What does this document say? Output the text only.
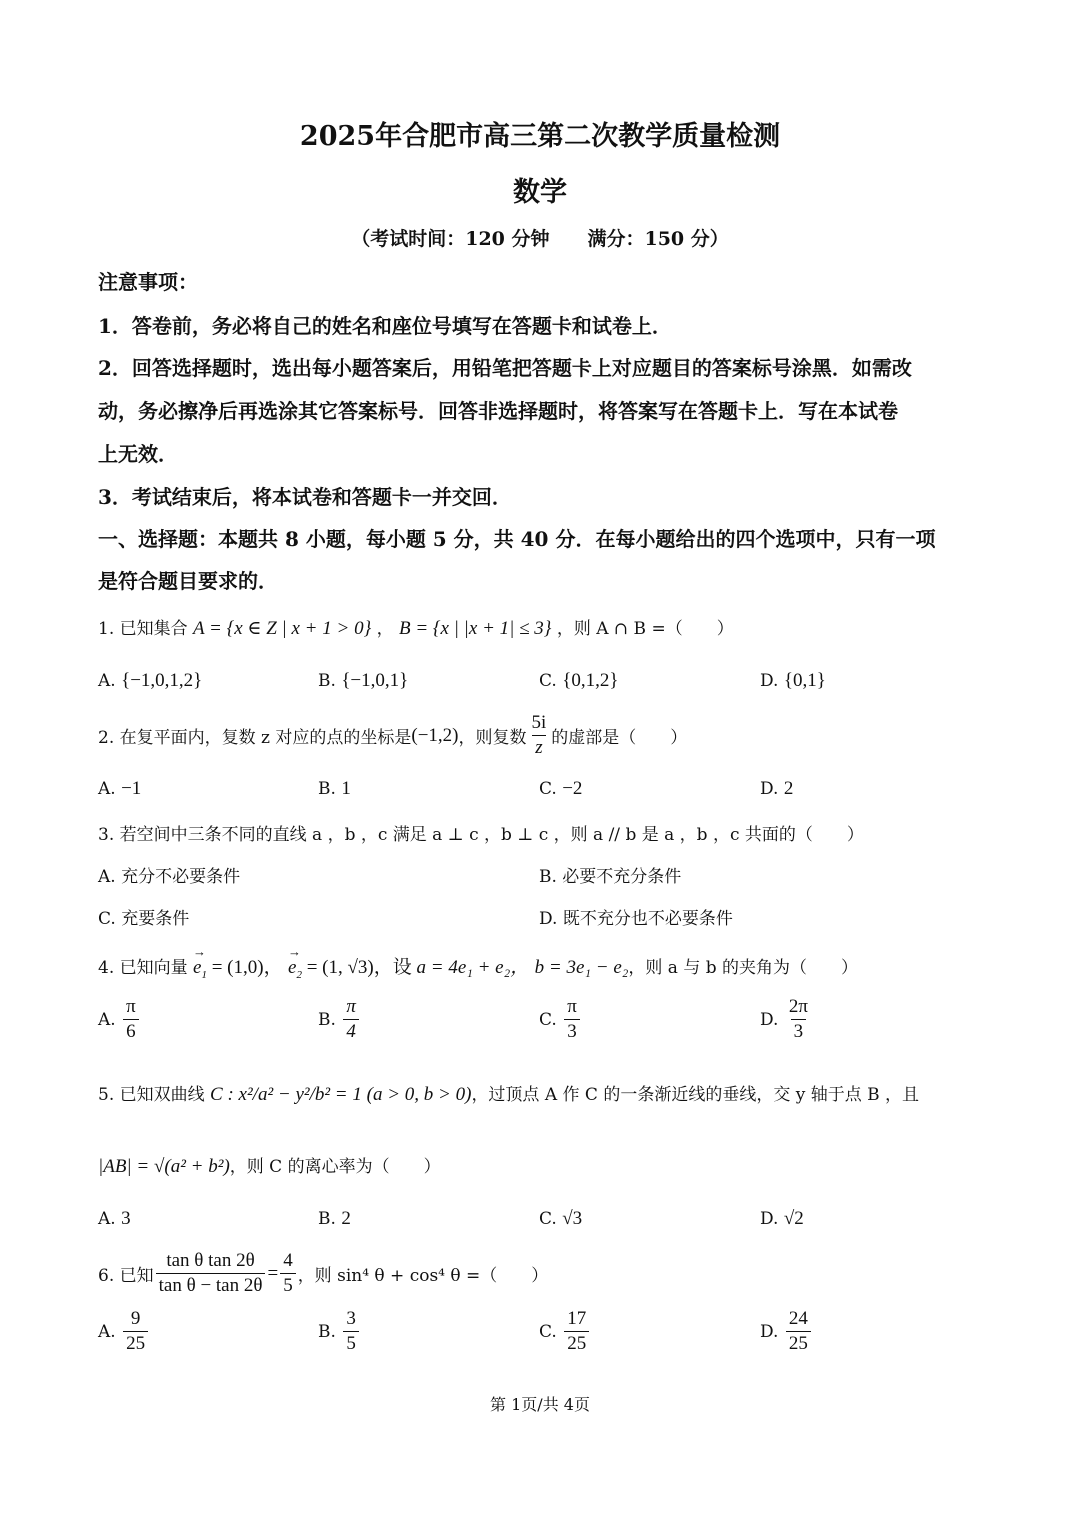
2025年合肥市高三第二次教学质量检测
数学
（考试时间：120 分钟　　满分：150 分）
注意事项：
1．答卷前，务必将自己的姓名和座位号填写在答题卡和试卷上．
2．回答选择题时，选出每小题答案后，用铅笔把答题卡上对应题目的答案标号涂黑．如需改
动，务必擦净后再选涂其它答案标号．回答非选择题时，将答案写在答题卡上．写在本试卷
上无效．
3．考试结束后，将本试卷和答题卡一并交回．
一、选择题：本题共 8 小题，每小题 5 分，共 40 分．在每小题给出的四个选项中，只有一项
是符合题目要求的．
1. 已知集合 A = {x ∈ Z | x + 1 > 0} ， B = {x | |x + 1| ≤ 3} ，则 A ∩ B =（　　）
A. {−1,0,1,2}	B. {−1,0,1}	C. {0,1,2}	D. {0,1}
2. 在复平面内，复数 z 对应的点的坐标是 (−1,2) ，则复数 $\frac{5i}{z}$ 的虚部是（　　）
A. −1	B. 1	C. −2	D. 2
3. 若空间中三条不同的直线 a ，b ，c 满足 a ⊥ c ，b ⊥ c ，则 a // b 是 a ，b ，c 共面的（　　）
A. 充分不必要条件	B. 必要不充分条件
C. 充要条件	D. 既不充分也不必要条件
4. 已知向量 → $e_1 = (1,0)$， → $e_2 = (1$, √3)，设 a = 4e₁ + e₂， b = 3e₁ − e₂，则 a 与 b 的夹角为（　　）
A.
$\frac{\pi}{6}$	B.
$\frac{\pi}{4}$	C.
$\frac{\pi}{3}$	D.
$\frac{2\pi}{3}$
5. 已知双曲线 C : x²/a² − y²/b² = 1 (a > 0, b > 0)，过顶点 A 作 C 的一条渐近线的垂线，交 y 轴于点 B ，且
|AB| = √(a² + b²)，则 C 的离心率为（　　）
A. 3	B. 2	C. √3	D. √2
6. 已知 $\frac{\text{tan θ tan 2θ}}{\text{tan θ − tan 2θ}} = \frac{4}{5}$ ，则 sin⁴ θ + cos⁴ θ =（　　）
A.
$\frac{9}{25}$	B.
$\frac{3}{5}$	C.
$\frac{17}{25}$	D.
$\frac{24}{25}$
第 1页/共 4页
